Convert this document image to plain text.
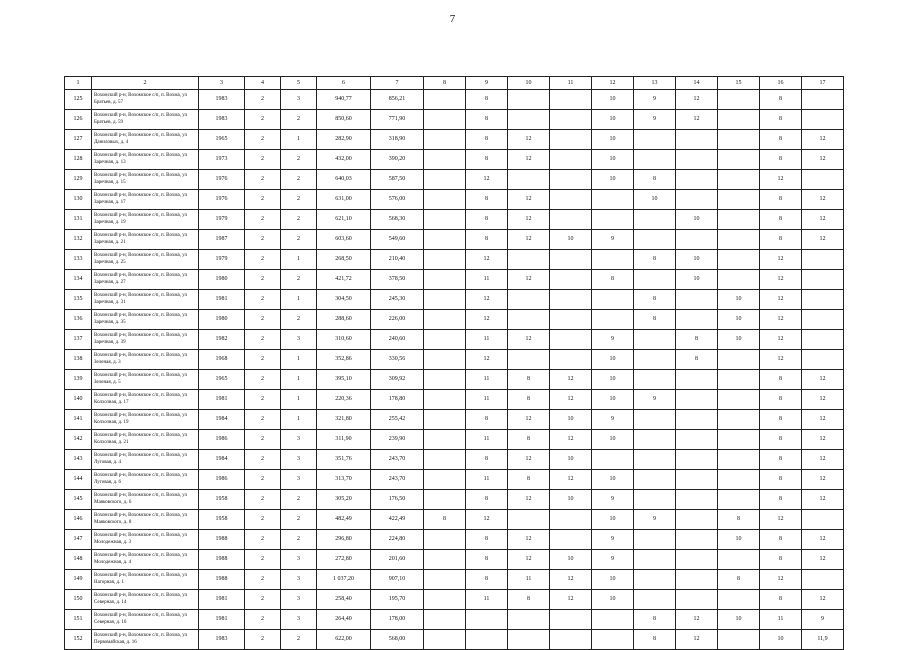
7
1	2	3	4	5	6	7	8	9	10	11	12	13	14	15	16	17
125	Вохомский р-н, Вохомское с/п, п. Вохма, ул Братьев, д. 57	1983	2	3	940,77	856,21		8			10	9	12		8	
126	Вохомский р-н, Вохомское с/п, п. Вохма, ул Братьев, д. 59	1983	2	2	850,60	771,90		8			10	9	12		8	
127	Вохомский р-н, Вохомское с/п, п. Вохма, ул Даниловых, д. 4	1965	2	1	282,90	318,90		8	12		10				8	12
128	Вохомский р-н, Вохомское с/п, п. Вохма, ул Заречная, д. 13	1973	2	2	432,00	390,20		8	12		10				8	12
129	Вохомский р-н, Вохомское с/п, п. Вохма, ул Заречная, д. 15	1976	2	2	640,03	587,50		12			10	8			12	
130	Вохомский р-н, Вохомское с/п, п. Вохма, ул Заречная, д. 17	1976	2	2	631,00	576,00		8	12			10			8	12
131	Вохомский р-н, Вохомское с/п, п. Вохма, ул Заречная, д. 19	1979	2	2	621,10	568,30		8	12				10		8	12
132	Вохомский р-н, Вохомское с/п, п. Вохма, ул Заречная, д. 21	1987	2	2	603,60	549,60		8	12	10	9				8	12
133	Вохомский р-н, Вохомское с/п, п. Вохма, ул Заречная, д. 25	1979	2	1	268,50	210,40		12				8	10		12	
134	Вохомский р-н, Вохомское с/п, п. Вохма, ул Заречная, д. 27	1980	2	2	421,72	378,50		11	12		8		10		12	
135	Вохомский р-н, Вохомское с/п, п. Вохма, ул Заречная, д. 31	1981	2	1	304,50	245,30		12				8		10	12	
136	Вохомский р-н, Вохомское с/п, п. Вохма, ул Заречная, д. 35	1980	2	2	288,60	226,00		12				8		10	12	
137	Вохомский р-н, Вохомское с/п, п. Вохма, ул Заречная, д. 39	1982	2	3	310,60	240,60		11	12		9		8	10	12	
138	Вохомский р-н, Вохомское с/п, п. Вохма, ул Зеленая, д. 3	1968	2	1	352,86	330,56		12			10		8		12	
139	Вохомский р-н, Вохомское с/п, п. Вохма, ул Зеленая, д. 5	1965	2	1	395,10	309,92		11	8	12	10				8	12
140	Вохомский р-н, Вохомское с/п, п. Вохма, ул Колхозная, д. 17	1981	2	1	220,36	178,80		11	8	12	10	9			8	12
141	Вохомский р-н, Вохомское с/п, п. Вохма, ул Колхозная, д. 19	1984	2	1	321,80	255,42		8	12	10	9				8	12
142	Вохомский р-н, Вохомское с/п, п. Вохма, ул Колхозная, д. 21	1986	2	3	311,90	239,90		11	8	12	10				8	12
143	Вохомский р-н, Вохомское с/п, п. Вохма, ул Луговая, д. 4	1984	2	3	351,76	243,70		8	12	10					8	12
144	Вохомский р-н, Вохомское с/п, п. Вохма, ул Луговая, д. 6	1986	2	3	313,70	243,70		11	8	12	10				8	12
145	Вохомский р-н, Вохомское с/п, п. Вохма, ул Маяковского, д. 6	1958	2	2	305,20	176,50		8	12	10	9				8	12
146	Вохомский р-н, Вохомское с/п, п. Вохма, ул Маяковского, д. 8	1958	2	2	482,49	422,49	8	12			10	9		8	12	
147	Вохомский р-н, Вохомское с/п, п. Вохма, ул Молодежная, д. 3	1988	2	2	296,80	224,80		8	12		9			10	8	12
148	Вохомский р-н, Вохомское с/п, п. Вохма, ул Молодежная, д. 4	1988	2	3	272,80	201,60		8	12	10	9				8	12
149	Вохомский р-н, Вохомское с/п, п. Вохма, ул Нагорная, д. 1	1988	2	3	1 037,20	907,10		8	11	12	10			8	12	
150	Вохомский р-н, Вохомское с/п, п. Вохма, ул Северная, д. 14	1981	2	3	258,40	195,70		11	8	12	10				8	12
151	Вохомский р-н, Вохомское с/п, п. Вохма, ул Северная, д. 16	1981	2	3	264,40	178,00						8	12	10	11	9
152	Вохомский р-н, Вохомское с/п, п. Вохма, ул Первомайская, д. 16	1983	2	2	622,00	568,00						8	12		10	11,9
